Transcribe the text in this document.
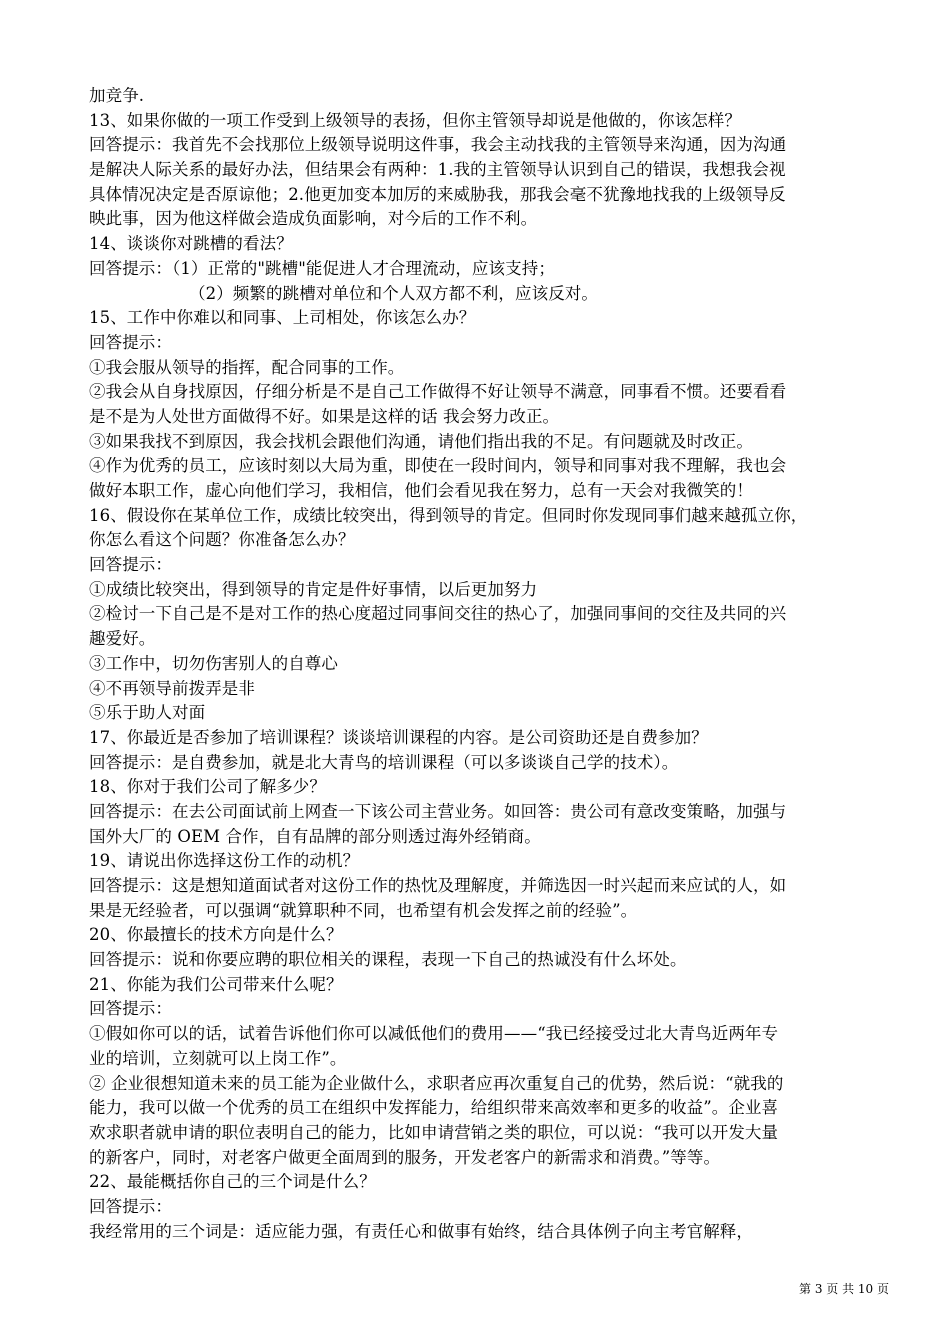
加竞争.
13、如果你做的一项工作受到上级领导的表扬，但你主管领导却说是他做的，你该怎样？
回答提示：我首先不会找那位上级领导说明这件事，我会主动找我的主管领导来沟通，因为沟通
是解决人际关系的最好办法，但结果会有两种：1.我的主管领导认识到自己的错误，我想我会视
具体情况决定是否原谅他；2.他更加变本加厉的来威胁我，那我会毫不犹豫地找我的上级领导反
映此事，因为他这样做会造成负面影响，对今后的工作不利。
14、谈谈你对跳槽的看法？
回答提示：（1）正常的"跳槽"能促进人才合理流动，应该支持；
（2）频繁的跳槽对单位和个人双方都不利，应该反对。
15、工作中你难以和同事、上司相处，你该怎么办？
回答提示：
①我会服从领导的指挥，配合同事的工作。
②我会从自身找原因，仔细分析是不是自己工作做得不好让领导不满意，同事看不惯。还要看看
是不是为人处世方面做得不好。如果是这样的话 我会努力改正。
③如果我找不到原因，我会找机会跟他们沟通，请他们指出我的不足。有问题就及时改正。
④作为优秀的员工，应该时刻以大局为重，即使在一段时间内，领导和同事对我不理解，我也会
做好本职工作，虚心向他们学习，我相信，他们会看见我在努力，总有一天会对我微笑的！
16、假设你在某单位工作，成绩比较突出，得到领导的肯定。但同时你发现同事们越来越孤立你，
你怎么看这个问题？你准备怎么办？
回答提示：
①成绩比较突出，得到领导的肯定是件好事情，以后更加努力
②检讨一下自己是不是对工作的热心度超过同事间交往的热心了，加强同事间的交往及共同的兴
趣爱好。
③工作中，切勿伤害别人的自尊心
④不再领导前拨弄是非
⑤乐于助人对面
17、你最近是否参加了培训课程？谈谈培训课程的内容。是公司资助还是自费参加？
回答提示：是自费参加，就是北大青鸟的培训课程（可以多谈谈自己学的技术）。
18、你对于我们公司了解多少？
回答提示：在去公司面试前上网查一下该公司主营业务。如回答：贵公司有意改变策略，加强与
国外大厂的 OEM 合作，自有品牌的部分则透过海外经销商。
19、请说出你选择这份工作的动机？
回答提示：这是想知道面试者对这份工作的热忱及理解度，并筛选因一时兴起而来应试的人，如
果是无经验者，可以强调“就算职种不同，也希望有机会发挥之前的经验”。
20、你最擅长的技术方向是什么？
回答提示：说和你要应聘的职位相关的课程，表现一下自己的热诚没有什么坏处。
21、你能为我们公司带来什么呢？
回答提示：
①假如你可以的话，试着告诉他们你可以减低他们的费用——“我已经接受过北大青鸟近两年专
业的培训，立刻就可以上岗工作”。
② 企业很想知道未来的员工能为企业做什么，求职者应再次重复自己的优势，然后说：“就我的
能力，我可以做一个优秀的员工在组织中发挥能力，给组织带来高效率和更多的收益”。企业喜
欢求职者就申请的职位表明自己的能力，比如申请营销之类的职位，可以说：“我可以开发大量
的新客户，同时，对老客户做更全面周到的服务，开发老客户的新需求和消费。”等等。
22、最能概括你自己的三个词是什么？
回答提示：
我经常用的三个词是：适应能力强，有责任心和做事有始终，结合具体例子向主考官解释，
第 3 页 共 10 页
